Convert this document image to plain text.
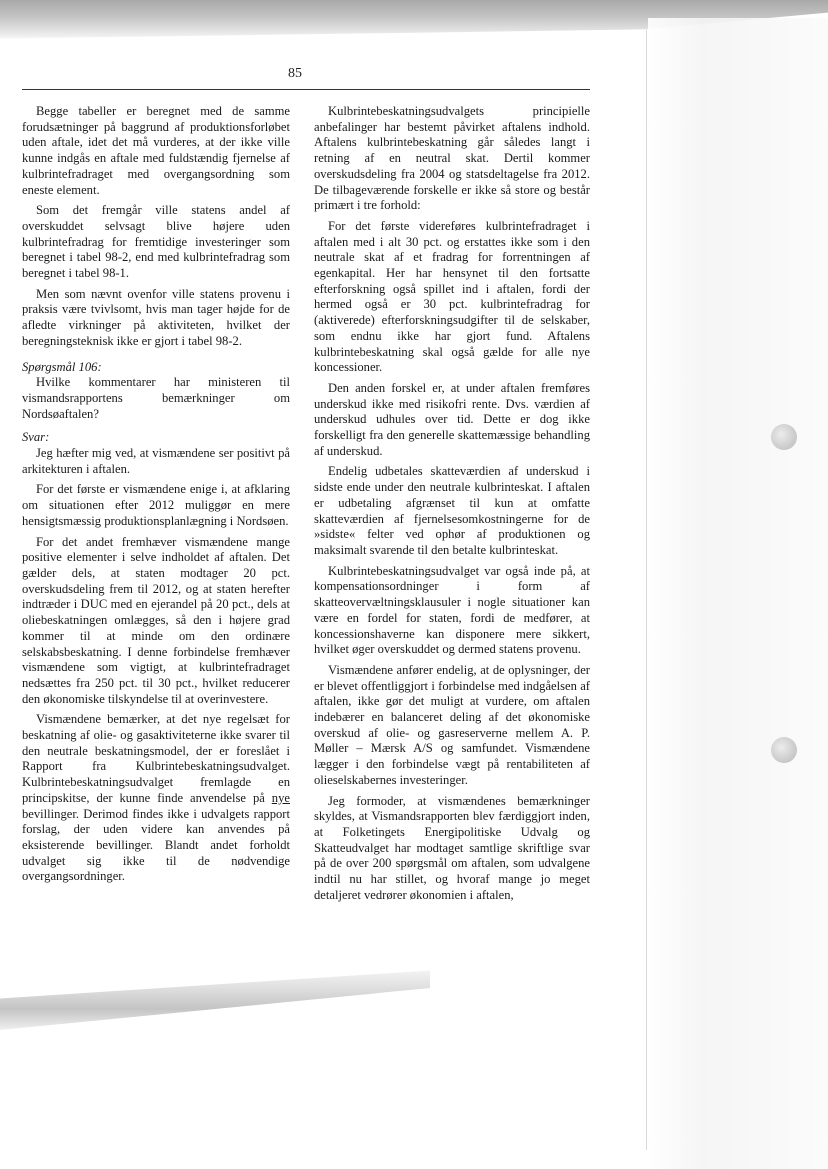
85

Begge tabeller er beregnet med de samme forudsætninger på baggrund af produktionsforløbet uden aftale, idet det må vurderes, at der ikke ville kunne indgås en aftale med fuldstændig fjernelse af kulbrintefradraget med overgangsordning som eneste element.

Som det fremgår ville statens andel af overskuddet selvsagt blive højere uden kulbrintefradrag for fremtidige investeringer som beregnet i tabel 98-2, end med kulbrintefradrag som beregnet i tabel 98-1.

Men som nævnt ovenfor ville statens provenu i praksis være tvivlsomt, hvis man tager højde for de afledte virkninger på aktiviteten, hvilket der beregningsteknisk ikke er gjort i tabel 98-2.

Spørgsmål 106:

Hvilke kommentarer har ministeren til vismandsrapportens bemærkninger om Nordsøaftalen?

Svar:

Jeg hæfter mig ved, at vismændene ser positivt på arkitekturen i aftalen.

For det første er vismændene enige i, at afklaring om situationen efter 2012 muliggør en mere hensigtsmæssig produktionsplanlægning i Nordsøen.

For det andet fremhæver vismændene mange positive elementer i selve indholdet af aftalen. Det gælder dels, at staten modtager 20 pct. overskudsdeling frem til 2012, og at staten herefter indtræder i DUC med en ejerandel på 20 pct., dels at oliebeskatningen omlægges, så den i højere grad kommer til at minde om den ordinære selskabsbeskatning. I denne forbindelse fremhæver vismændene som vigtigt, at kulbrintefradraget nedsættes fra 250 pct. til 30 pct., hvilket reducerer den økonomiske tilskyndelse til at overinvestere.

Vismændene bemærker, at det nye regelsæt for beskatning af olie- og gasaktiviteterne ikke svarer til den neutrale beskatningsmodel, der er foreslået i Rapport fra Kulbrintebeskatningsudvalget. Kulbrintebeskatningsudvalget fremlagde en principskitse, der kunne finde anvendelse på nye bevillinger. Derimod findes ikke i udvalgets rapport forslag, der uden videre kan anvendes på eksisterende bevillinger. Blandt andet forholdt udvalget sig ikke til de nødvendige overgangsordninger.

Kulbrintebeskatningsudvalgets principielle anbefalinger har bestemt påvirket aftalens indhold. Aftalens kulbrintebeskatning går således langt i retning af en neutral skat. Dertil kommer overskudsdeling fra 2004 og statsdeltagelse fra 2012. De tilbageværende forskelle er ikke så store og består primært i tre forhold:

For det første videreføres kulbrintefradraget i aftalen med i alt 30 pct. og erstattes ikke som i den neutrale skat af et fradrag for forrentningen af egenkapital. Her har hensynet til den fortsatte efterforskning også spillet ind i aftalen, fordi der hermed også er 30 pct. kulbrintefradrag for (aktiverede) efterforskningsudgifter til de selskaber, som endnu ikke har gjort fund. Aftalens kulbrintebeskatning skal også gælde for alle nye koncessioner.

Den anden forskel er, at under aftalen fremføres underskud ikke med risikofri rente. Dvs. værdien af underskud udhules over tid. Dette er dog ikke forskelligt fra den generelle skattemæssige behandling af underskud.

Endelig udbetales skatteværdien af underskud i sidste ende under den neutrale kulbrinteskat. I aftalen er udbetaling afgrænset til kun at omfatte skatteværdien af fjernelsesomkostningerne for de »sidste« felter ved ophør af produktionen og maksimalt svarende til den betalte kulbrinteskat.

Kulbrintebeskatningsudvalget var også inde på, at kompensationsordninger i form af skatteovervæltningsklausuler i nogle situationer kan være en fordel for staten, fordi de medfører, at koncessionshaverne kan disponere mere sikkert, hvilket øger overskuddet og dermed statens provenu.

Vismændene anfører endelig, at de oplysninger, der er blevet offentliggjort i forbindelse med indgåelsen af aftalen, ikke gør det muligt at vurdere, om aftalen indebærer en balanceret deling af det økonomiske overskud af olie- og gasreserverne mellem A. P. Møller – Mærsk A/S og samfundet. Vismændene lægger i den forbindelse vægt på rentabiliteten af olieselskabernes investeringer.

Jeg formoder, at vismændenes bemærkninger skyldes, at Vismandsrapporten blev færdiggjort inden, at Folketingets Energipolitiske Udvalg og Skatteudvalget har modtaget samtlige skriftlige svar på de over 200 spørgsmål om aftalen, som udvalgene indtil nu har stillet, og hvoraf mange jo meget detaljeret vedrører økonomien i aftalen,
